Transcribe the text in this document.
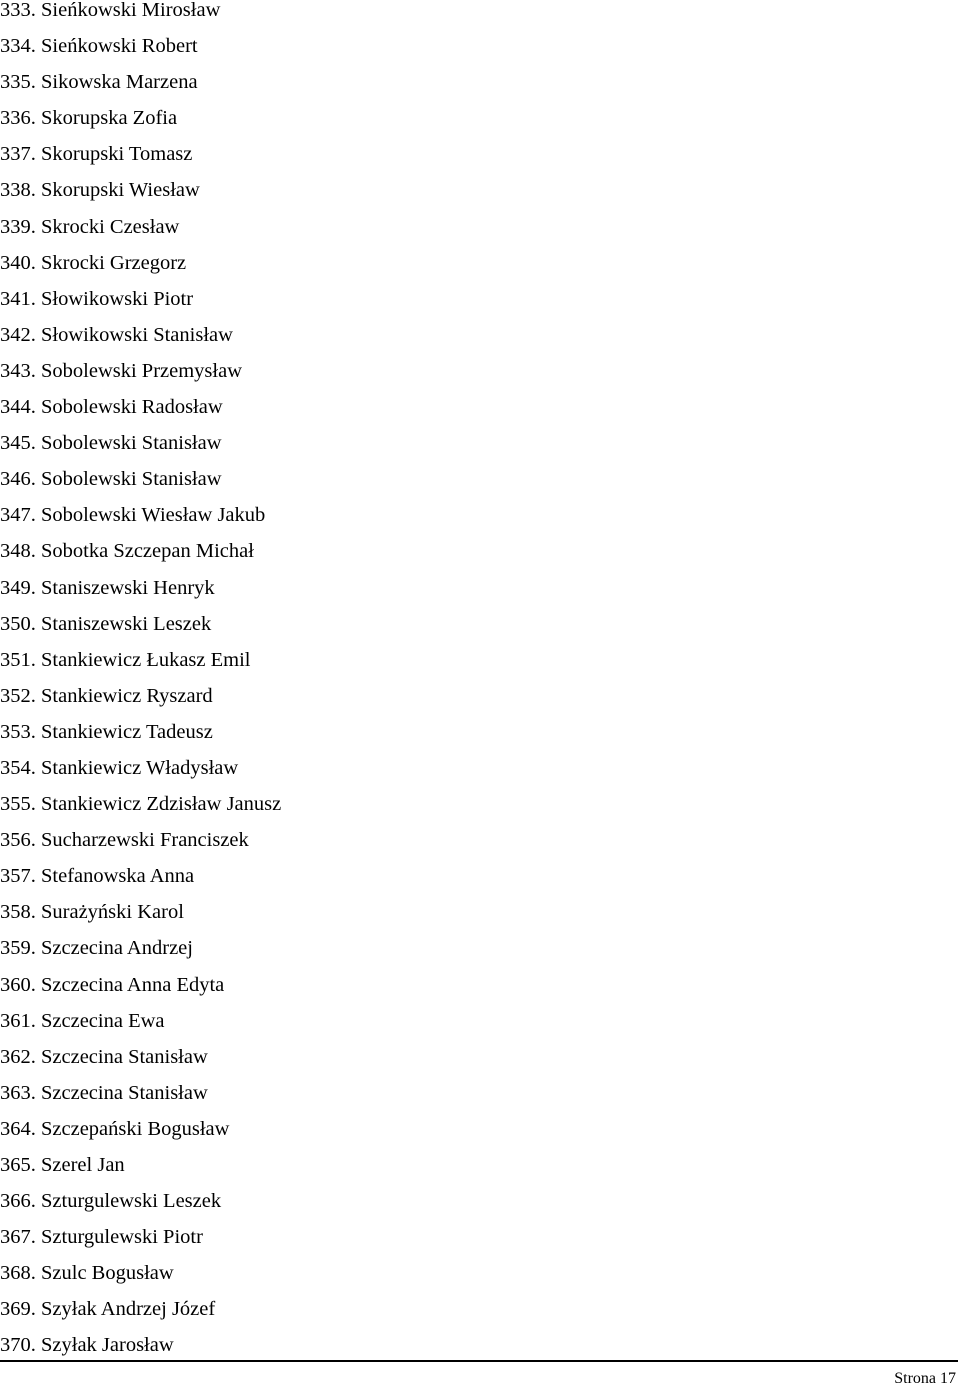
333. Sieńkowski Mirosław
334. Sieńkowski Robert
335. Sikowska Marzena
336. Skorupska Zofia
337. Skorupski Tomasz
338. Skorupski Wiesław
339. Skrocki Czesław
340. Skrocki Grzegorz
341. Słowikowski Piotr
342. Słowikowski Stanisław
343. Sobolewski Przemysław
344. Sobolewski Radosław
345. Sobolewski Stanisław
346. Sobolewski Stanisław
347. Sobolewski Wiesław Jakub
348. Sobotka Szczepan Michał
349. Staniszewski Henryk
350. Staniszewski Leszek
351. Stankiewicz Łukasz Emil
352. Stankiewicz Ryszard
353. Stankiewicz Tadeusz
354. Stankiewicz Władysław
355. Stankiewicz Zdzisław Janusz
356. Sucharzewski Franciszek
357. Stefanowska Anna
358. Surażyński Karol
359. Szczecina Andrzej
360. Szczecina Anna Edyta
361. Szczecina Ewa
362. Szczecina Stanisław
363. Szczecina Stanisław
364. Szczepański Bogusław
365. Szerel Jan
366. Szturgulewski Leszek
367. Szturgulewski Piotr
368. Szulc Bogusław
369. Szyłak Andrzej Józef
370. Szyłak Jarosław
Strona 17
